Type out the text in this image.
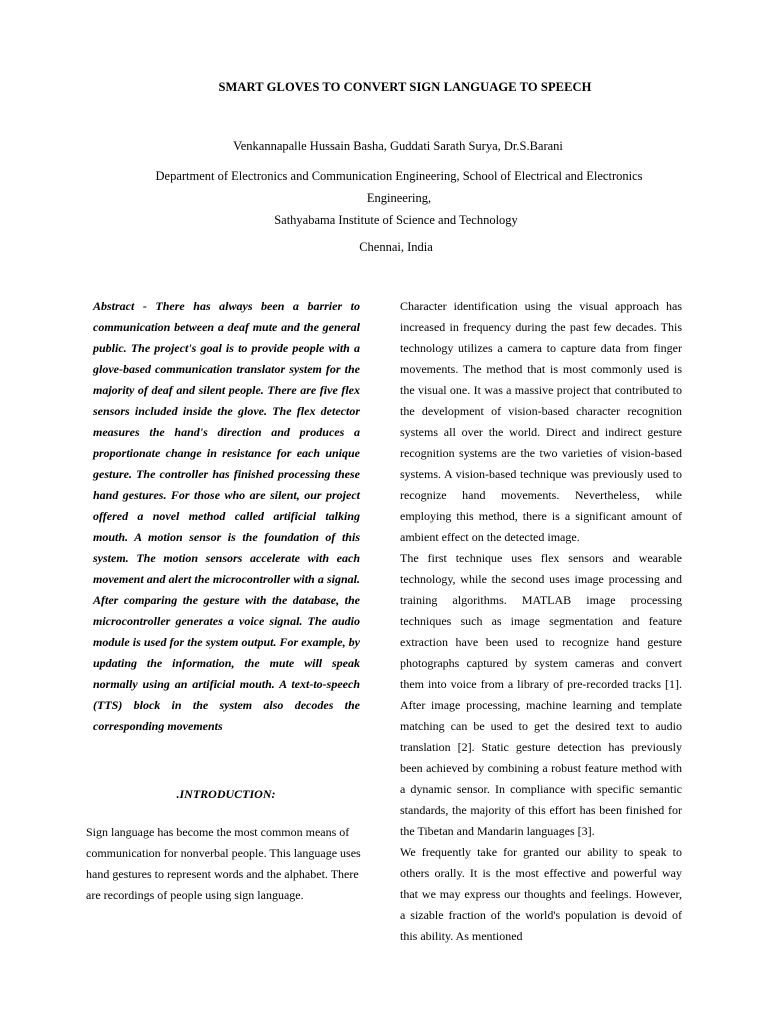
SMART GLOVES TO CONVERT SIGN LANGUAGE TO SPEECH
Venkannapalle Hussain Basha, Guddati Sarath Surya, Dr.S.Barani
Department of Electronics and Communication Engineering, School of Electrical and Electronics Engineering,
Sathyabama Institute of Science and Technology
Chennai, India

Abstract - There has always been a barrier to communication between a deaf mute and the general public. The project's goal is to provide people with a glove-based communication translator system for the majority of deaf and silent people. There are five flex sensors included inside the glove. The flex detector measures the hand's direction and produces a proportionate change in resistance for each unique gesture. The controller has finished processing these hand gestures. For those who are silent, our project offered a novel method called artificial talking mouth. A motion sensor is the foundation of this system. The motion sensors accelerate with each movement and alert the microcontroller with a signal. After comparing the gesture with the database, the microcontroller generates a voice signal. The audio module is used for the system output. For example, by updating the information, the mute will speak normally using an artificial mouth. A text-to-speech (TTS) block in the system also decodes the corresponding movements

.INTRODUCTION:

Sign language has become the most common means of communication for nonverbal people. This language uses hand gestures to represent words and the alphabet. There are recordings of people using sign language.

Character identification using the visual approach has increased in frequency during the past few decades. This technology utilizes a camera to capture data from finger movements. The method that is most commonly used is the visual one. It was a massive project that contributed to the development of vision-based character recognition systems all over the world. Direct and indirect gesture recognition systems are the two varieties of vision-based systems. A vision-based technique was previously used to recognize hand movements. Nevertheless, while employing this method, there is a significant amount of ambient effect on the detected image.

The first technique uses flex sensors and wearable technology, while the second uses image processing and training algorithms. MATLAB image processing techniques such as image segmentation and feature extraction have been used to recognize hand gesture photographs captured by system cameras and convert them into voice from a library of pre-recorded tracks [1]. After image processing, machine learning and template matching can be used to get the desired text to audio translation [2]. Static gesture detection has previously been achieved by combining a robust feature method with a dynamic sensor. In compliance with specific semantic standards, the majority of this effort has been finished for the Tibetan and Mandarin languages [3].

We frequently take for granted our ability to speak to others orally. It is the most effective and powerful way that we may express our thoughts and feelings. However, a sizable fraction of the world's population is devoid of this ability. As mentioned
